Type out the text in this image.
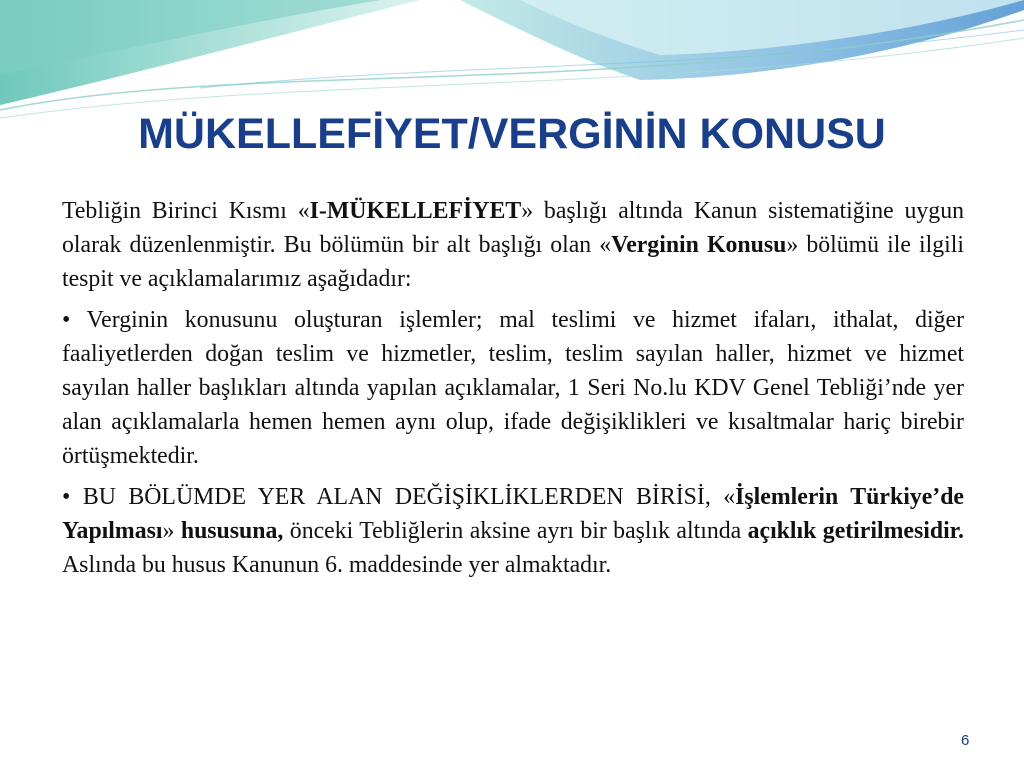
MÜKELLEFİYET/VERGİNİN KONUSU

Tebliğin Birinci Kısmı «I-MÜKELLEFİYET» başlığı altında Kanun sistematiğine uygun olarak düzenlenmiştir. Bu bölümün bir alt başlığı olan «Verginin Konusu» bölümü ile ilgili tespit ve açıklamalarımız aşağıdadır:

• Verginin konusunu oluşturan işlemler; mal teslimi ve hizmet ifaları, ithalat, diğer faaliyetlerden doğan teslim ve hizmetler, teslim, teslim sayılan haller, hizmet ve hizmet sayılan haller başlıkları altında yapılan açıklamalar, 1 Seri No.lu KDV Genel Tebliği’nde yer alan açıklamalarla hemen hemen aynı olup, ifade değişiklikleri ve kısaltmalar hariç birebir örtüşmektedir.

• BU BÖLÜMDE YER ALAN DEĞİŞİKLİKLERDEN BİRİSİ, «İşlemlerin Türkiye’de Yapılması» hususuna, önceki Tebliğlerin aksine ayrı bir başlık altında açıklık getirilmesidir. Aslında bu husus Kanunun 6. maddesinde yer almaktadır.

6
